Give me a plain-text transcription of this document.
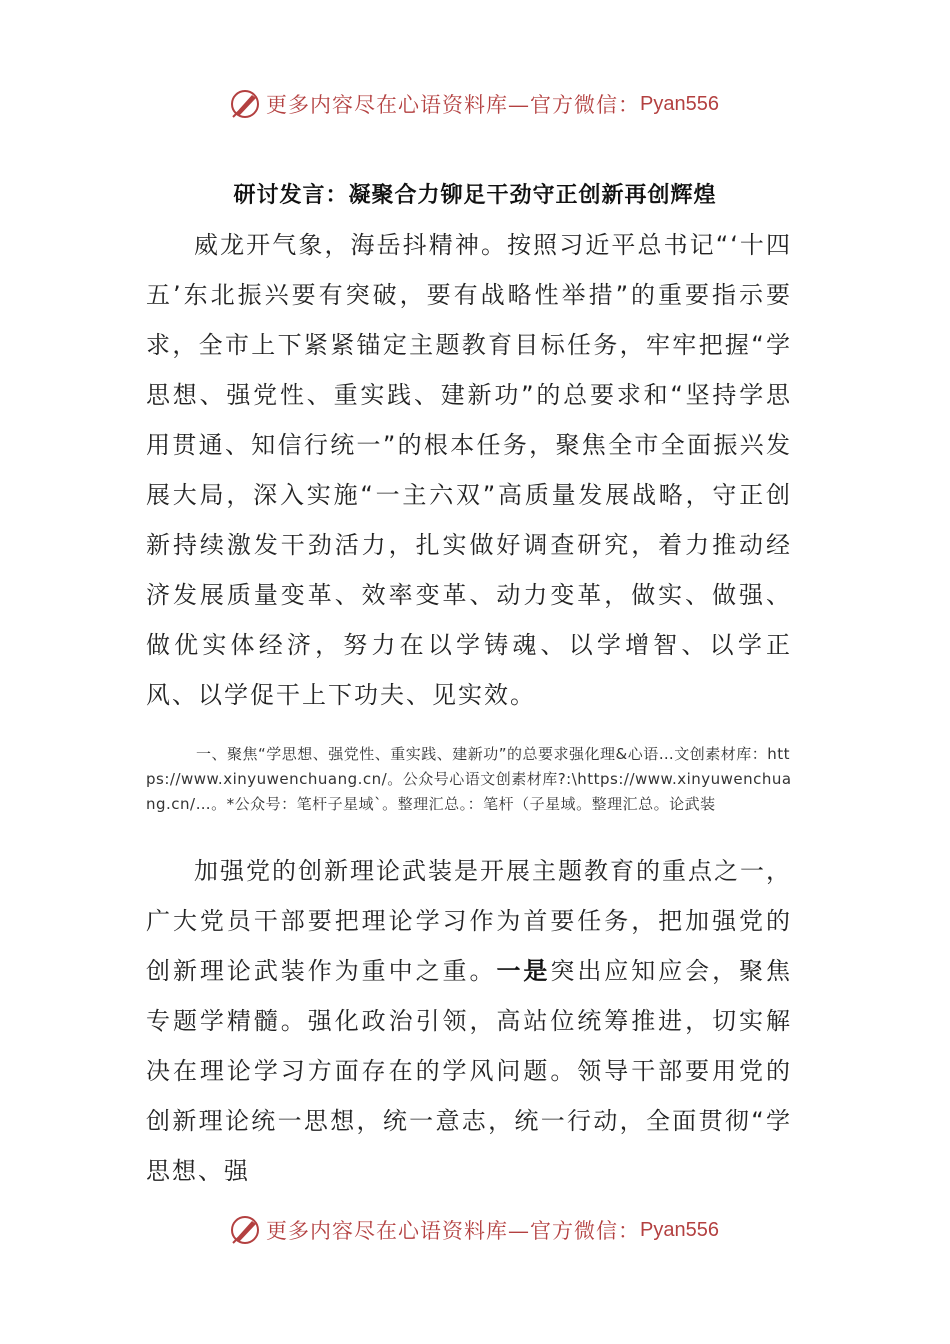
更多内容尽在心语资料库—官方微信： Pyan556
研讨发言：凝聚合力铆足干劲守正创新再创辉煌

威龙开气象，海岳抖精神。按照习近平总书记“‘十四五’东北振兴要有突破，要有战略性举措”的重要指示要求，全市上下紧紧锚定主题教育目标任务，牢牢把握“学思想、强党性、重实践、建新功”的总要求和“坚持学思用贯通、知信行统一”的根本任务，聚焦全市全面振兴发展大局，深入实施“一主六双”高质量发展战略，守正创新持续激发干劲活力，扎实做好调查研究，着力推动经济发展质量变革、效率变革、动力变革，做实、做强、做优实体经济，努力在以学铸魂、以学增智、以学正风、以学促干上下功夫、见实效。

一、聚焦“学思想、强党性、重实践、建新功”的总要求强化理&心语…文创素材库：https://www.xinyuwenchuang.cn/。公众号心语文创素材库?:\https://www.xinyuwenchuang.cn/…。*公众号：笔杆子星域`。整理汇总。：笔杆（子星域。整理汇总。论武装

加强党的创新理论武装是开展主题教育的重点之一，广大党员干部要把理论学习作为首要任务，把加强党的创新理论武装作为重中之重。一是突出应知应会，聚焦专题学精髓。强化政治引领，高站位统筹推进，切实解决在理论学习方面存在的学风问题。领导干部要用党的创新理论统一思想，统一意志，统一行动，全面贯彻“学思想、强

更多内容尽在心语资料库—官方微信： Pyan556
